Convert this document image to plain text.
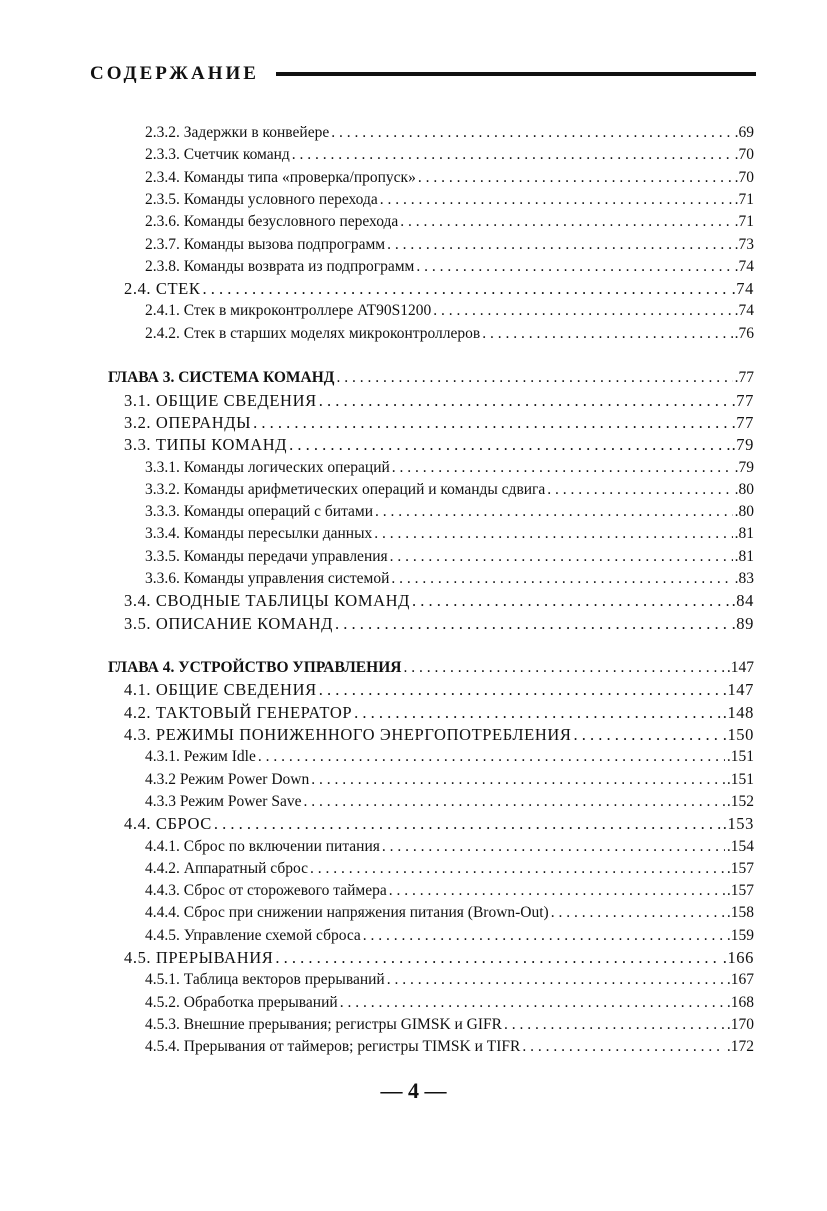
СОДЕРЖАНИЕ
2.3.2. Задержки в конвейере . . .	.69
2.3.3. Счетчик команд . . .	.70
2.3.4. Команды типа «проверка/пропуск» . . .	.70
2.3.5. Команды условного перехода . . .	.71
2.3.6. Команды безусловного перехода . . .	.71
2.3.7. Команды вызова подпрограмм . . .	.73
2.3.8. Команды возврата из подпрограмм . . .	.74
2.4. СТЕК . . .	.74
2.4.1. Стек в микроконтроллере AT90S1200 . . .	.74
2.4.2. Стек в старших моделях микроконтроллеров . . .	.76
ГЛАВА 3. СИСТЕМА КОМАНД . . .	.77
3.1. ОБЩИЕ СВЕДЕНИЯ . . .	.77
3.2. ОПЕРАНДЫ . . .	.77
3.3. ТИПЫ КОМАНД . . .	.79
3.3.1. Команды логических операций . . .	.79
3.3.2. Команды арифметических операций и команды сдвига . . .	.80
3.3.3. Команды операций с битами . . .	.80
3.3.4. Команды пересылки данных . . .	.81
3.3.5. Команды передачи управления . . .	.81
3.3.6. Команды управления системой . . .	.83
3.4. СВОДНЫЕ ТАБЛИЦЫ КОМАНД . . .	.84
3.5. ОПИСАНИЕ КОМАНД . . .	.89
ГЛАВА 4. УСТРОЙСТВО УПРАВЛЕНИЯ . . .	.147
4.1. ОБЩИЕ СВЕДЕНИЯ . . .	.147
4.2. ТАКТОВЫЙ ГЕНЕРАТОР . . .	.148
4.3. РЕЖИМЫ ПОНИЖЕННОГО ЭНЕРГОПОТРЕБЛЕНИЯ . . .	.150
4.3.1. Режим Idle . . .	.151
4.3.2 Режим Power Down . . .	.151
4.3.3 Режим Power Save . . .	.152
4.4. СБРОС . . .	.153
4.4.1. Сброс по включении питания . . .	.154
4.4.2. Аппаратный сброс . . .	.157
4.4.3. Сброс от сторожевого таймера . . .	.157
4.4.4. Сброс при снижении напряжения питания (Brown-Out) . . .	.158
4.4.5. Управление схемой сброса . . .	.159
4.5. ПРЕРЫВАНИЯ . . .	.166
4.5.1. Таблица векторов прерываний . . .	.167
4.5.2. Обработка прерываний . . .	.168
4.5.3. Внешние прерывания; регистры GIMSK и GIFR . . .	.170
4.5.4. Прерывания от таймеров; регистры TIMSK и TIFR . . .	.172
— 4 —
